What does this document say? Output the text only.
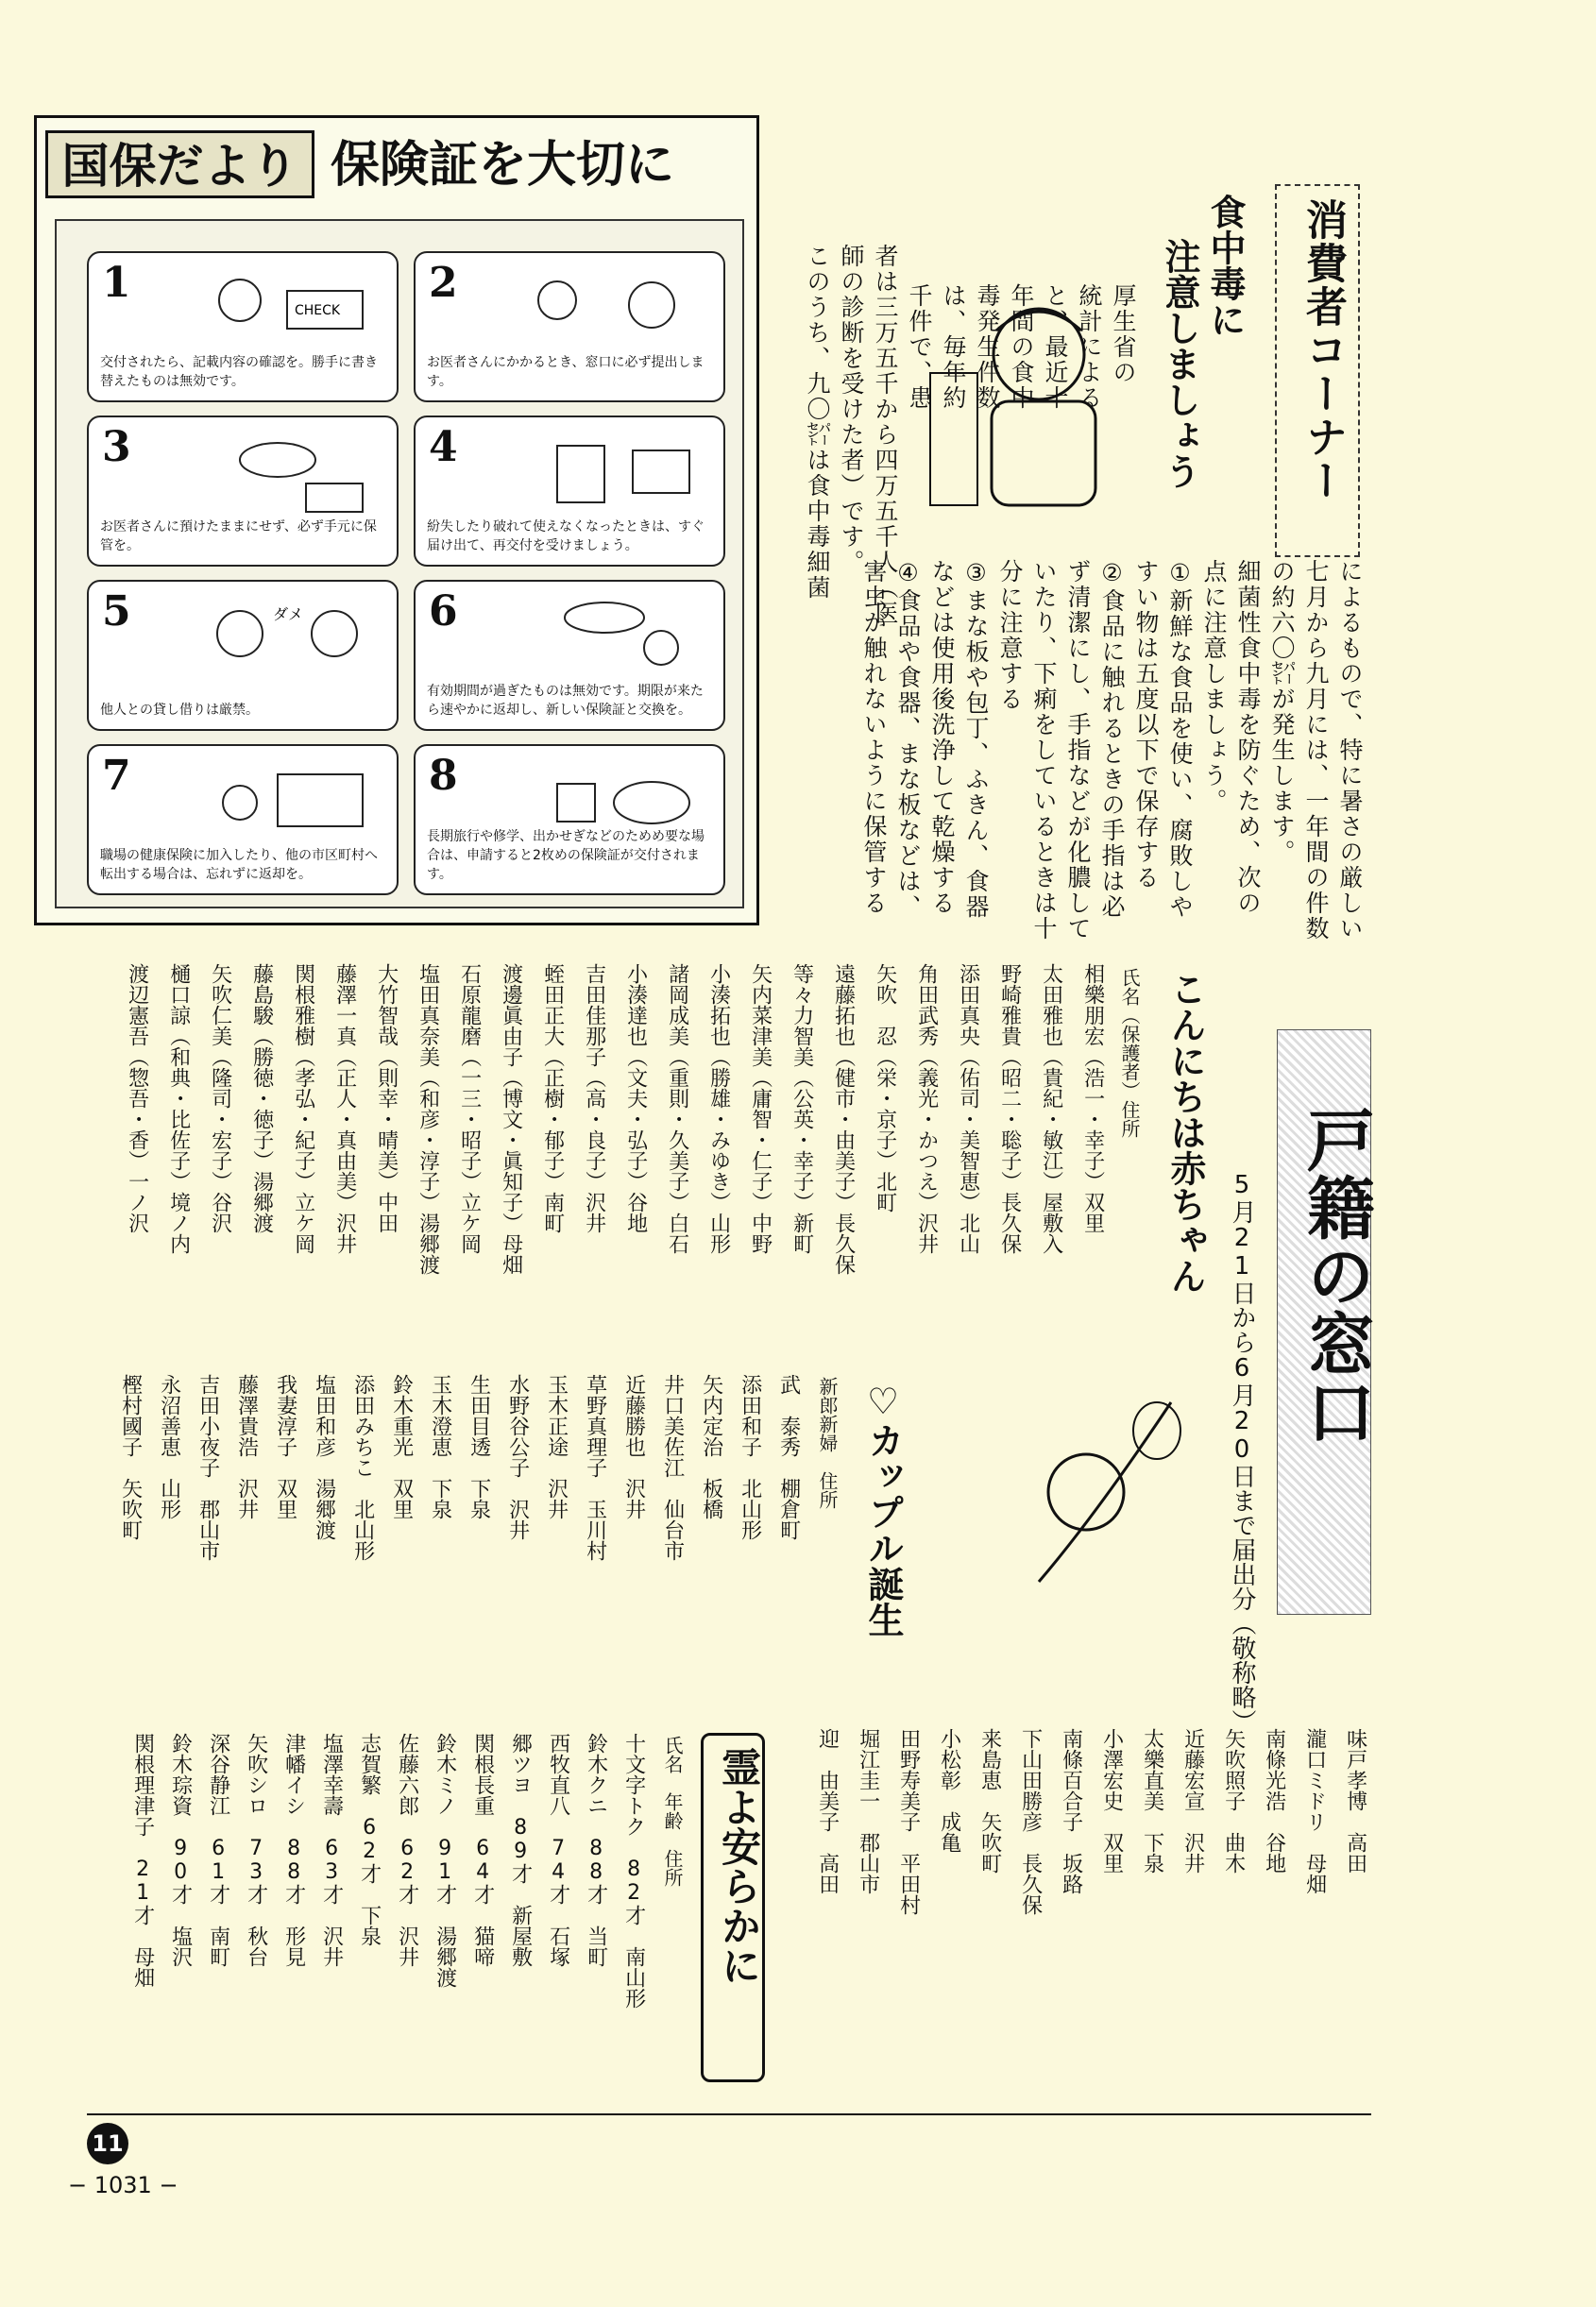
国保だより 保険証を大切に
1
CHECK
交付されたら、記載内容の確認を。勝手に書き替えたものは無効です。
2
お医者さんにかかるとき、窓口に必ず提出します。
3
お医者さんに預けたままにせず、必ず手元に保管を。
4
紛失したり破れて使えなくなったときは、すぐ届け出て、再交付を受けましょう。
5	ダメ
他人との貸し借りは厳禁。
6
有効期間が過ぎたものは無効です。期限が来たら速やかに返却し、新しい保険証と交換を。
7
職場の健康保険に加入したり、他の市区町村へ転出する場合は、忘れずに返却を。
8
長期旅行や修学、出かせぎなどのためめ要な場合は、申請すると2枚めの保険証が交付されます。
消費者コーナー
食中毒に
注意しましょう
厚生省の
統計による
と、最近十
年間の食中
毒発生件数
は、毎年約
千件で、患
者は三万五千から四万五千人（医
師の診断を受けた者）です。
このうち、九〇㌫は食中毒細菌
によるもので、特に暑さの厳しい
七月から九月には、一年間の件数
の約六〇㌫が発生します。
細菌性食中毒を防ぐため、次の
点に注意しましょう。
①新鮮な食品を使い、腐敗しや
すい物は五度以下で保存する
②食品に触れるときの手指は必
ず清潔にし、手指などが化膿して
いたり、下痢をしているときは十
分に注意する
③まな板や包丁、ふきん、食器
などは使用後洗浄して乾燥する
④食品や食器、まな板などは、
害虫が触れないように保管する
戸籍の窓口
5月21日から6月20日まで届出分（敬称略）
こんにちは赤ちゃん
氏名（保護者）住所
相樂朋宏（浩一・幸子）双里
太田雅也（貴紀・敏江）屋敷入
野崎雅貴（昭二・聡子）長久保
添田真央（佑司・美智恵）北山
角田武秀（義光・かつえ）沢井
矢吹　忍（栄・京子）北町
遠藤拓也（健市・由美子）長久保
等々力智美（公英・幸子）新町
矢内菜津美（庸智・仁子）中野
小湊拓也（勝雄・みゆき）山形
諸岡成美（重則・久美子）白石
小湊達也（文夫・弘子）谷地
吉田佳那子（高・良子）沢井
蛭田正大（正樹・郁子）南町
渡邊眞由子（博文・眞知子）母畑
石原龍磨（一三・昭子）立ケ岡
塩田真奈美（和彦・淳子）湯郷渡
大竹智哉（則幸・晴美）中田
藤澤一真（正人・真由美）沢井
関根雅樹（孝弘・紀子）立ケ岡
藤島駿（勝徳・徳子）湯郷渡
矢吹仁美（隆司・宏子）谷沢
樋口諒（和典・比佐子）境ノ内
渡辺憲吾（惣吾・香）一ノ沢
♡カップル誕生
新郎新婦　住所
武　泰秀　棚倉町
添田和子　北山形
矢内定治　板橋
井口美佐江　仙台市
近藤勝也　沢井
草野真理子　玉川村
玉木正途　沢井
水野谷公子　沢井
生田目透　下泉
玉木澄恵　下泉
鈴木重光　双里
添田みちこ　北山形
塩田和彦　湯郷渡
我妻淳子　双里
藤澤貴浩　沢井
吉田小夜子　郡山市
永沼善恵　山形
樫村國子　矢吹町
味戸孝博　高田
瀧口ミドリ　母畑
南條光浩　谷地
矢吹照子　曲木
近藤宏宣　沢井
太樂直美　下泉
小澤宏史　双里
南條百合子　坂路
下山田勝彦　長久保
来島恵　矢吹町
小松彰　成亀
田野寿美子　平田村
堀江圭一　郡山市
迎　由美子　高田
霊よ安らかに
氏名　年齢　住所
十文字トク　82才　南山形
鈴木クニ　88才　当町
西牧直八　74才　石塚
郷ツヨ　89才　新屋敷
関根長重　64才　猫啼
鈴木ミノ　91才　湯郷渡
佐藤六郎　62才　沢井
志賀繁　62才　下泉
塩澤幸壽　63才　沢井
津幡イシ　88才　形見
矢吹シロ　73才　秋台
深谷静江　61才　南町
鈴木琮資　90才　塩沢
関根理津子　21才　母畑
11
− 1031 −
